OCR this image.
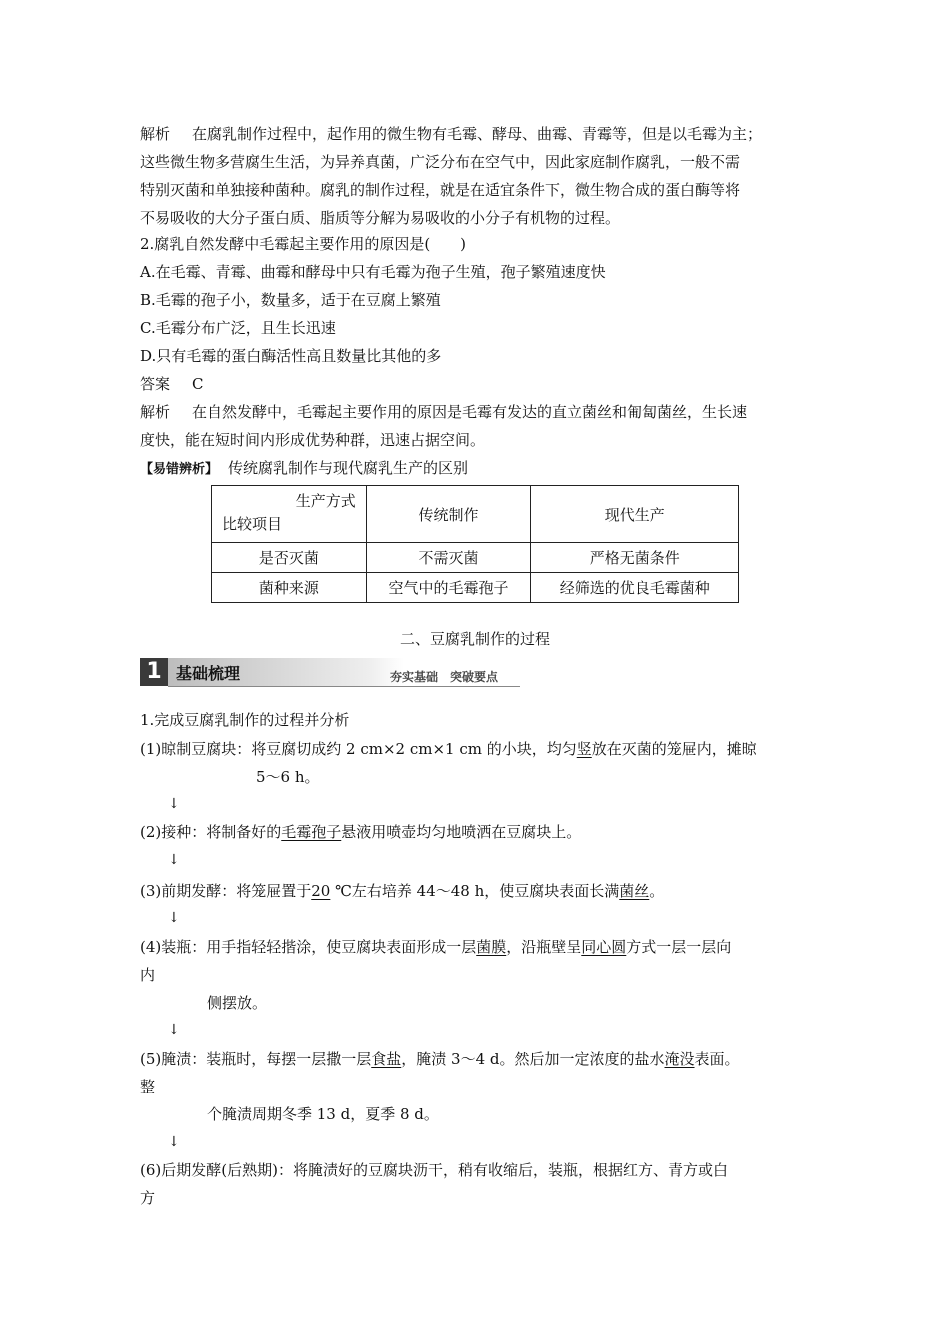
解析 在腐乳制作过程中，起作用的微生物有毛霉、酵母、曲霉、青霉等，但是以毛霉为主；
这些微生物多营腐生生活，为异养真菌，广泛分布在空气中，因此家庭制作腐乳，一般不需
特别灭菌和单独接种菌种。腐乳的制作过程，就是在适宜条件下，微生物合成的蛋白酶等将
不易吸收的大分子蛋白质、脂质等分解为易吸收的小分子有机物的过程。
2.腐乳自然发酵中毛霉起主要作用的原因是(　　)
A.在毛霉、青霉、曲霉和酵母中只有毛霉为孢子生殖，孢子繁殖速度快
B.毛霉的孢子小，数量多，适于在豆腐上繁殖
C.毛霉分布广泛，且生长迅速
D.只有毛霉的蛋白酶活性高且数量比其他的多
答案 C
解析 在自然发酵中，毛霉起主要作用的原因是毛霉有发达的直立菌丝和匍匐菌丝，生长速
度快，能在短时间内形成优势种群，迅速占据空间。
【易错辨析】 传统腐乳制作与现代腐乳生产的区别
生产方式
比较项目	传统制作	现代生产
是否灭菌	不需灭菌	严格无菌条件
菌种来源	空气中的毛霉孢子	经筛选的优良毛霉菌种
二、豆腐乳制作的过程
1 基础梳理	夯实基础　突破要点
1.完成豆腐乳制作的过程并分析
(1)晾制豆腐块：将豆腐切成约 2 cm×2 cm×1 cm 的小块，均匀竖放在灭菌的笼屉内，摊晾
5～6 h。
↓
(2)接种：将制备好的毛霉孢子悬液用喷壶均匀地喷洒在豆腐块上。
↓
(3)前期发酵：将笼屉置于20 ℃左右培养 44～48 h，使豆腐块表面长满菌丝。
↓
(4)装瓶：用手指轻轻揩涂，使豆腐块表面形成一层菌膜，沿瓶壁呈同心圆方式一层一层向
内
侧摆放。
↓
(5)腌渍：装瓶时，每摆一层撒一层食盐，腌渍 3～4 d。然后加一定浓度的盐水淹没表面。
整
个腌渍周期冬季 13 d，夏季 8 d。
↓
(6)后期发酵(后熟期)：将腌渍好的豆腐块沥干，稍有收缩后，装瓶，根据红方、青方或白
方
